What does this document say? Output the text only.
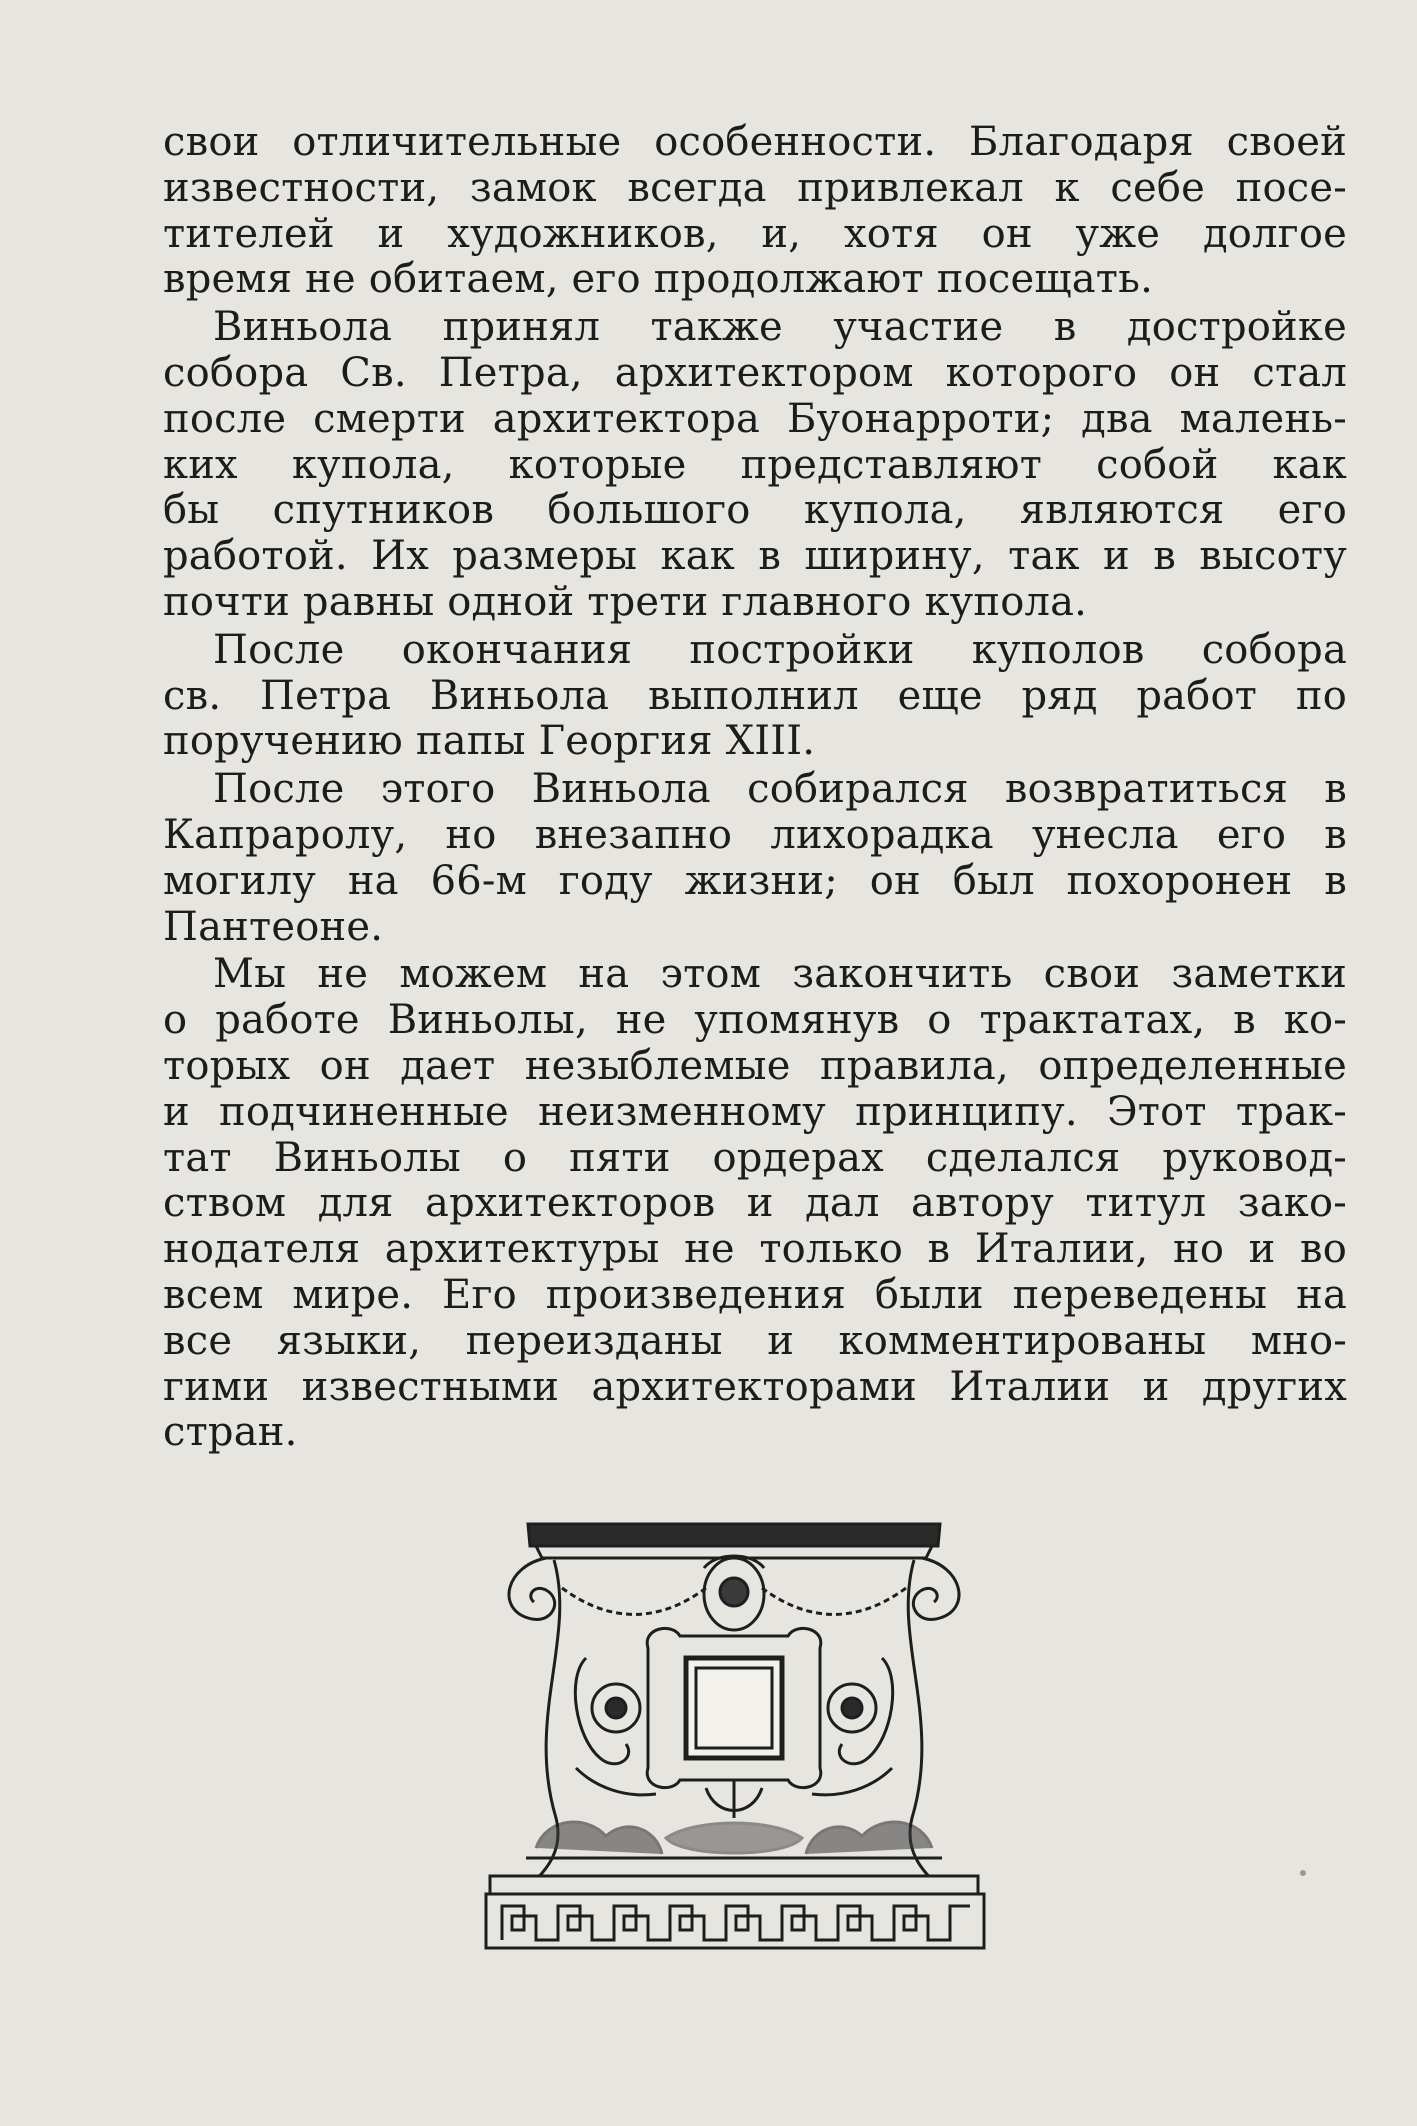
свои отличительные особенности. Благодаря своей
известности, замок всегда привлекал к себе посе-
тителей и художников, и, хотя он уже долгое
время не обитаем, его продолжают посещать.
Виньола принял также участие в достройке
собора Св. Петра, архитектором которого он стал
после смерти архитектора Буонарроти; два малень-
ких купола, которые представляют собой как
бы спутников большого купола, являются его
работой. Их размеры как в ширину, так и в высоту
почти равны одной трети главного купола.
После окончания постройки куполов собора
св. Петра Виньола выполнил еще ряд работ по
поручению папы Георгия XIII.
После этого Виньола собирался возвратиться в
Капраролу, но внезапно лихорадка унесла его в
могилу на 66-м году жизни; он был похоронен в
Пантеоне.
Мы не можем на этом закончить свои заметки
о работе Виньолы, не упомянув о трактатах, в ко-
торых он дает незыблемые правила, определенные
и подчиненные неизменному принципу. Этот трак-
тат Виньолы о пяти ордерах сделался руковод-
ством для архитекторов и дал автору титул зако-
нодателя архитектуры не только в Италии, но и во
всем мире. Его произведения были переведены на
все языки, переизданы и комментированы мно-
гими известными архитекторами Италии и других
стран.
